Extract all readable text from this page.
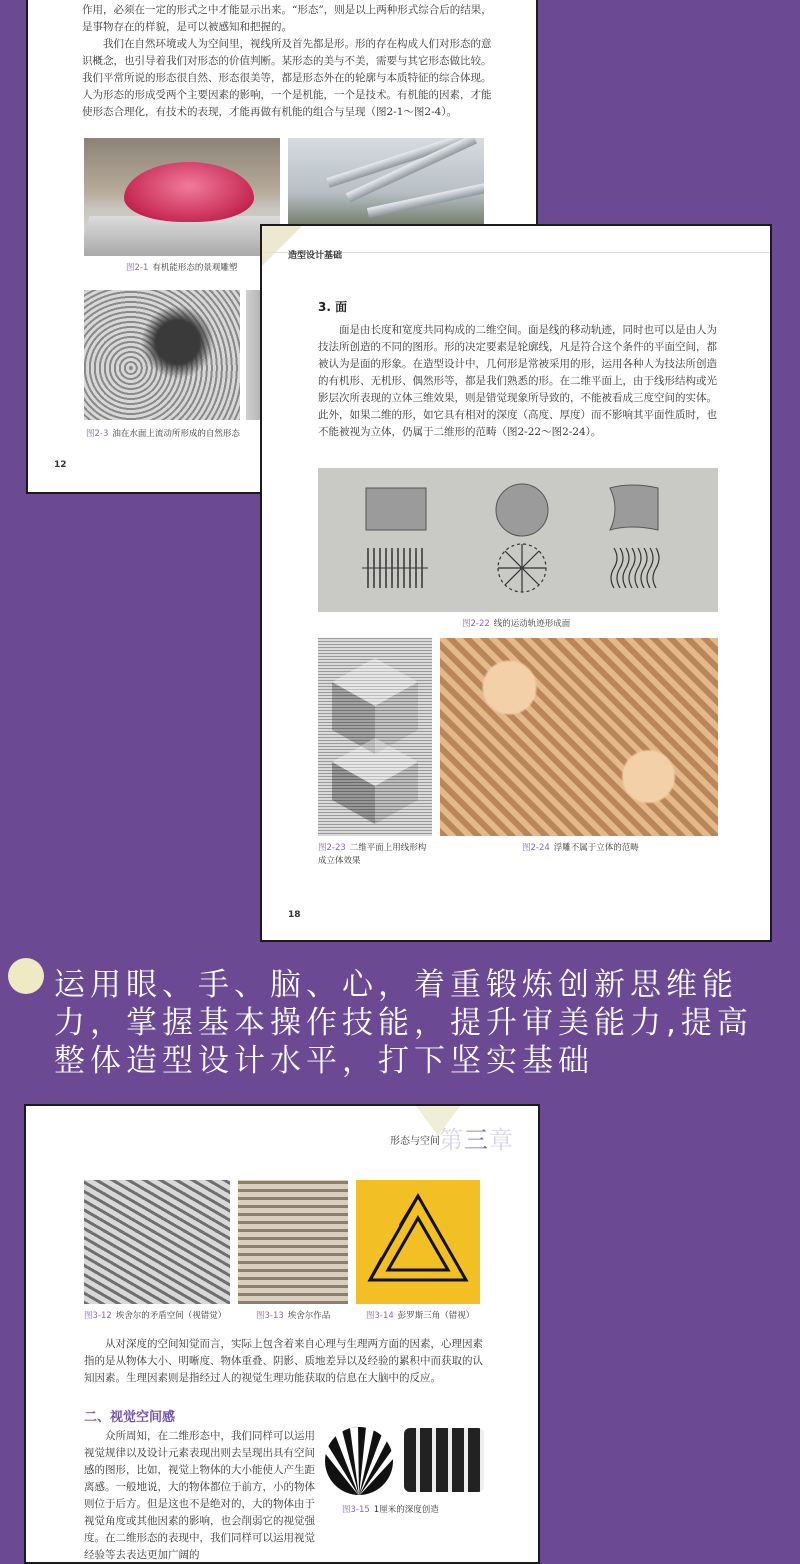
作用，必须在一定的形式之中才能显示出来。“形态”，则是以上两种形式综合后的结果，是事物存在的样貌，是可以被感知和把握的。

我们在自然环境或人为空间里，视线所及首先都是形。形的存在构成人们对形态的意识概念，也引导着我们对形态的价值判断。某形态的美与不美，需要与其它形态做比较。我们平常所说的形态很自然、形态很美等，都是形态外在的轮廓与本质特征的综合体现。人为形态的形成受两个主要因素的影响，一个是机能，一个是技术。有机能的因素，才能使形态合理化，有技术的表现，才能再做有机能的组合与呈现（图2-1～图2-4）。

图2-1 有机能形态的景观雕塑
图2-3 油在水面上流动所形成的自然形态
12
造型设计基础
3. 面

面是由长度和宽度共同构成的二维空间。面是线的移动轨迹，同时也可以是由人为技法所创造的不同的图形。形的决定要素是轮廓线，凡是符合这个条件的平面空间，都被认为是面的形象。在造型设计中，几何形是常被采用的形，运用各种人为技法所创造的有机形、无机形、偶然形等，都是我们熟悉的形。在二维平面上，由于线形结构或光影层次所表现的立体三维效果，则是错觉现象所导致的，不能被看成三度空间的实体。此外，如果二维的形，如它具有相对的深度（高度、厚度）而不影响其平面性质时，也不能被视为立体，仍属于二维形的范畴（图2-22～图2-24）。

图2-22 线的运动轨迹形成面
图2-23 二维平面上用线形构
成立体效果
图2-24 浮雕不属于立体的范畴
18
运用眼、手、脑、心，着重锻炼创新思维能力，掌握基本操作技能，提升审美能力,提高整体造型设计水平，打下坚实基础
形态与空间 第三章
图3-12 埃舍尔的矛盾空间（视错觉）	图3-13 埃舍尔作品	图3-14 彭罗斯三角（错视）

从对深度的空间知觉而言，实际上包含着来自心理与生理两方面的因素，心理因素指的是从物体大小、明晰度、物体重叠、阴影、质地差异以及经验的累积中而获取的认知因素。生理因素则是指经过人的视觉生理功能获取的信息在大脑中的反应。

二、视觉空间感

众所周知，在二维形态中，我们同样可以运用视觉规律以及设计元素表现出则去呈现出具有空间感的图形，比如，视觉上物体的大小能使人产生距离感。一般地说，大的物体都位于前方，小的物体则位于后方。但是这也不是绝对的，大的物体由于视觉角度或其他因素的影响，也会削弱它的视觉强度。在二维形态的表现中，我们同样可以运用视觉经验等去表达更加广阔的

图3-15 1厘米的深度创造
